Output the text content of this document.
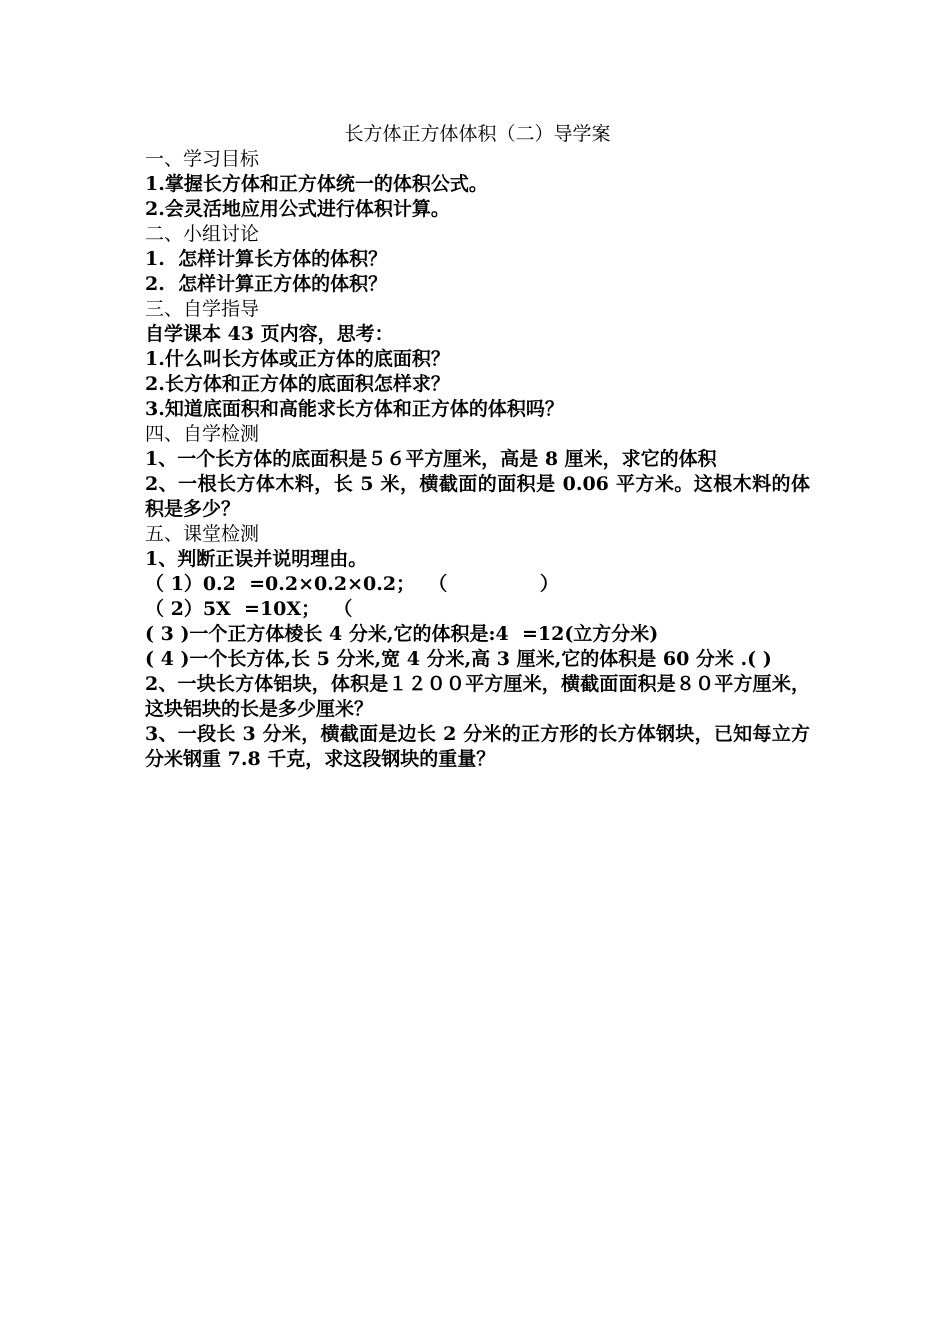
长方体正方体体积（二）导学案
一、学习目标
1.掌握长方体和正方体统一的体积公式。
2.会灵活地应用公式进行体积计算。
二、小组讨论
1.  怎样计算长方体的体积？
2.  怎样计算正方体的体积？
三、自学指导
自学课本 43 页内容，思考：
1.什么叫长方体或正方体的底面积？
2.长方体和正方体的底面积怎样求？
3.知道底面积和高能求长方体和正方体的体积吗？
四、自学检测
1、一个长方体的底面积是５６平方厘米，高是 8 厘米，求它的体积
2、一根长方体木料，长 5 米，横截面的面积是 0.06 平方米。这根木料的体积是多少？
五、课堂检测
1、判断正误并说明理由。
（ 1）0.2  =0.2×0.2×0.2；  （              ）
（ 2）5X  =10X；  （
( 3 )一个正方体棱长 4 分米,它的体积是:4  =12(立方分米)
( 4 )一个长方体,长 5 分米,宽 4 分米,高 3 厘米,它的体积是 60 分米 .( )
2、一块长方体铝块，体积是１２００平方厘米，横截面面积是８０平方厘米，这块铝块的长是多少厘米？
3、一段长 3 分米，横截面是边长 2 分米的正方形的长方体钢块，已知每立方分米钢重 7.8 千克，求这段钢块的重量？
